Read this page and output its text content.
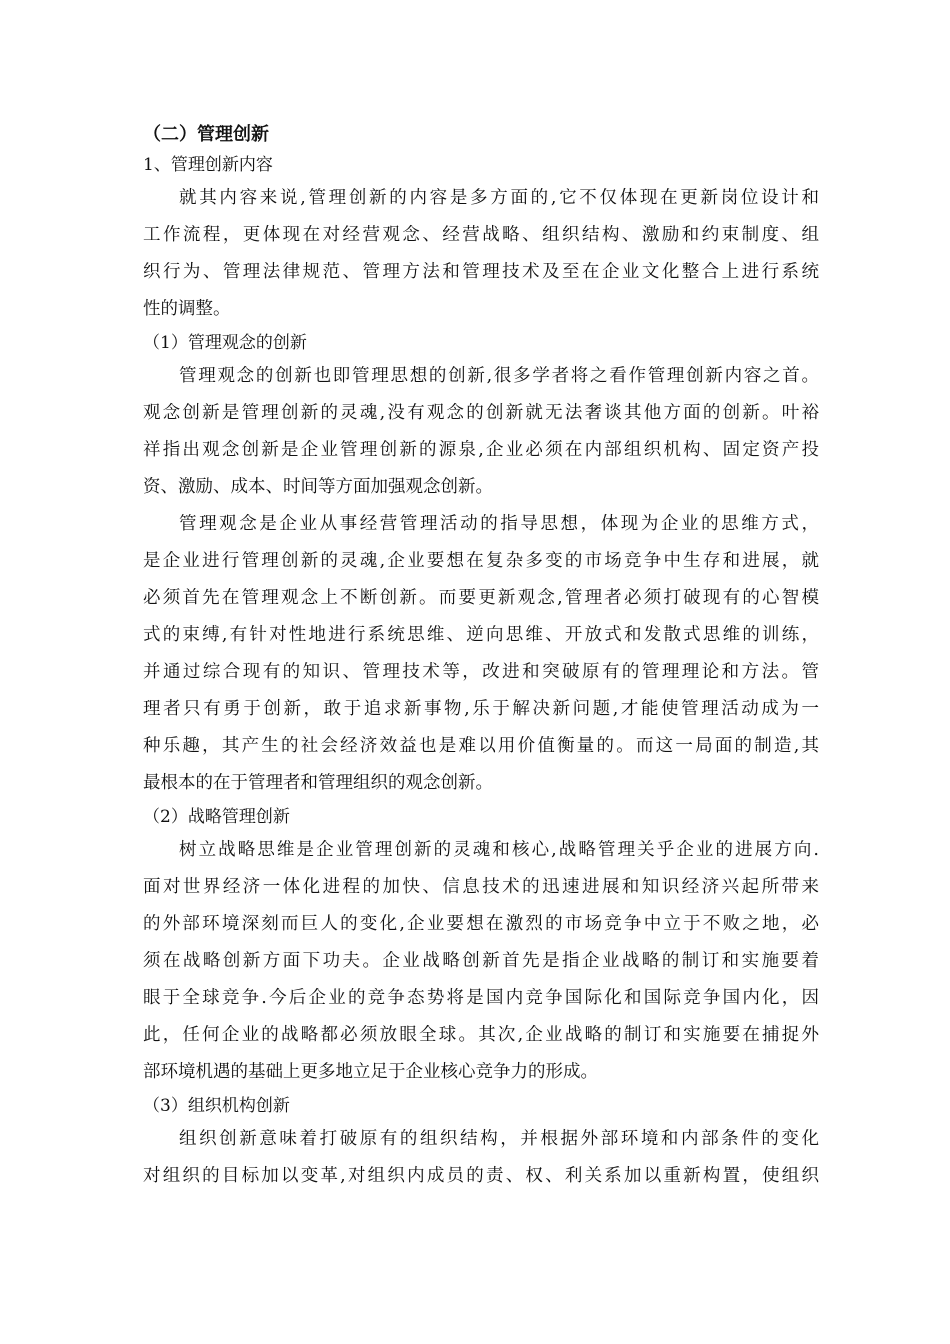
（二）管理创新
1、管理创新内容
就其内容来说,管理创新的内容是多方面的,它不仅体现在更新岗位设计和
工作流程，更体现在对经营观念、经营战略、组织结构、激励和约束制度、组
织行为、管理法律规范、管理方法和管理技术及至在企业文化整合上进行系统
性的调整。
（1）管理观念的创新
管理观念的创新也即管理思想的创新,很多学者将之看作管理创新内容之首。
观念创新是管理创新的灵魂,没有观念的创新就无法奢谈其他方面的创新。叶裕
祥指出观念创新是企业管理创新的源泉,企业必须在内部组织机构、固定资产投
资、激励、成本、时间等方面加强观念创新。
管理观念是企业从事经营管理活动的指导思想，体现为企业的思维方式，
是企业进行管理创新的灵魂,企业要想在复杂多变的市场竞争中生存和进展，就
必须首先在管理观念上不断创新。而要更新观念,管理者必须打破现有的心智模
式的束缚,有针对性地进行系统思维、逆向思维、开放式和发散式思维的训练，
并通过综合现有的知识、管理技术等，改进和突破原有的管理理论和方法。管
理者只有勇于创新，敢于追求新事物,乐于解决新问题,才能使管理活动成为一
种乐趣，其产生的社会经济效益也是难以用价值衡量的。而这一局面的制造,其
最根本的在于管理者和管理组织的观念创新。
（2）战略管理创新
树立战略思维是企业管理创新的灵魂和核心,战略管理关乎企业的进展方向.
面对世界经济一体化进程的加快、信息技术的迅速进展和知识经济兴起所带来
的外部环境深刻而巨人的变化,企业要想在激烈的市场竞争中立于不败之地，必
须在战略创新方面下功夫。企业战略创新首先是指企业战略的制订和实施要着
眼于全球竞争.今后企业的竞争态势将是国内竞争国际化和国际竞争国内化，因
此，任何企业的战略都必须放眼全球。其次,企业战略的制订和实施要在捕捉外
部环境机遇的基础上更多地立足于企业核心竞争力的形成。
（3）组织机构创新
组织创新意味着打破原有的组织结构，并根据外部环境和内部条件的变化
对组织的目标加以变革,对组织内成员的责、权、利关系加以重新构置，使组织
